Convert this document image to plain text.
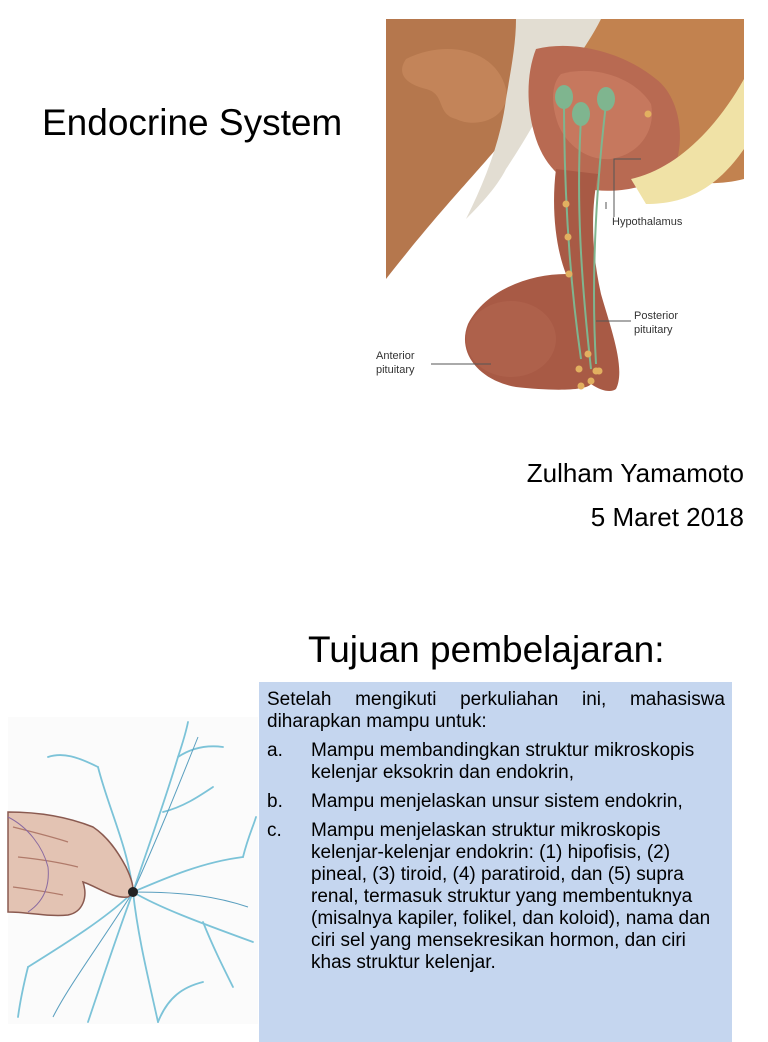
Endocrine System
Hypothalamus
Posterior
pituitary
Anterior
pituitary
Zulham Yamamoto
5 Maret 2018
Tujuan pembelajaran:
Setelah mengikuti perkuliahan ini, mahasiswa diharapkan mampu untuk:
a.	Mampu membandingkan struktur mikroskopis kelenjar eksokrin dan endokrin,
b.	Mampu menjelaskan unsur sistem endokrin,
c.	Mampu menjelaskan struktur mikroskopis kelenjar-kelenjar endokrin: (1) hipofisis, (2) pineal, (3) tiroid, (4) paratiroid, dan (5) supra renal, termasuk struktur yang membentuknya (misalnya kapiler, folikel, dan koloid), nama dan ciri sel yang mensekresikan hormon, dan ciri khas struktur kelenjar.
